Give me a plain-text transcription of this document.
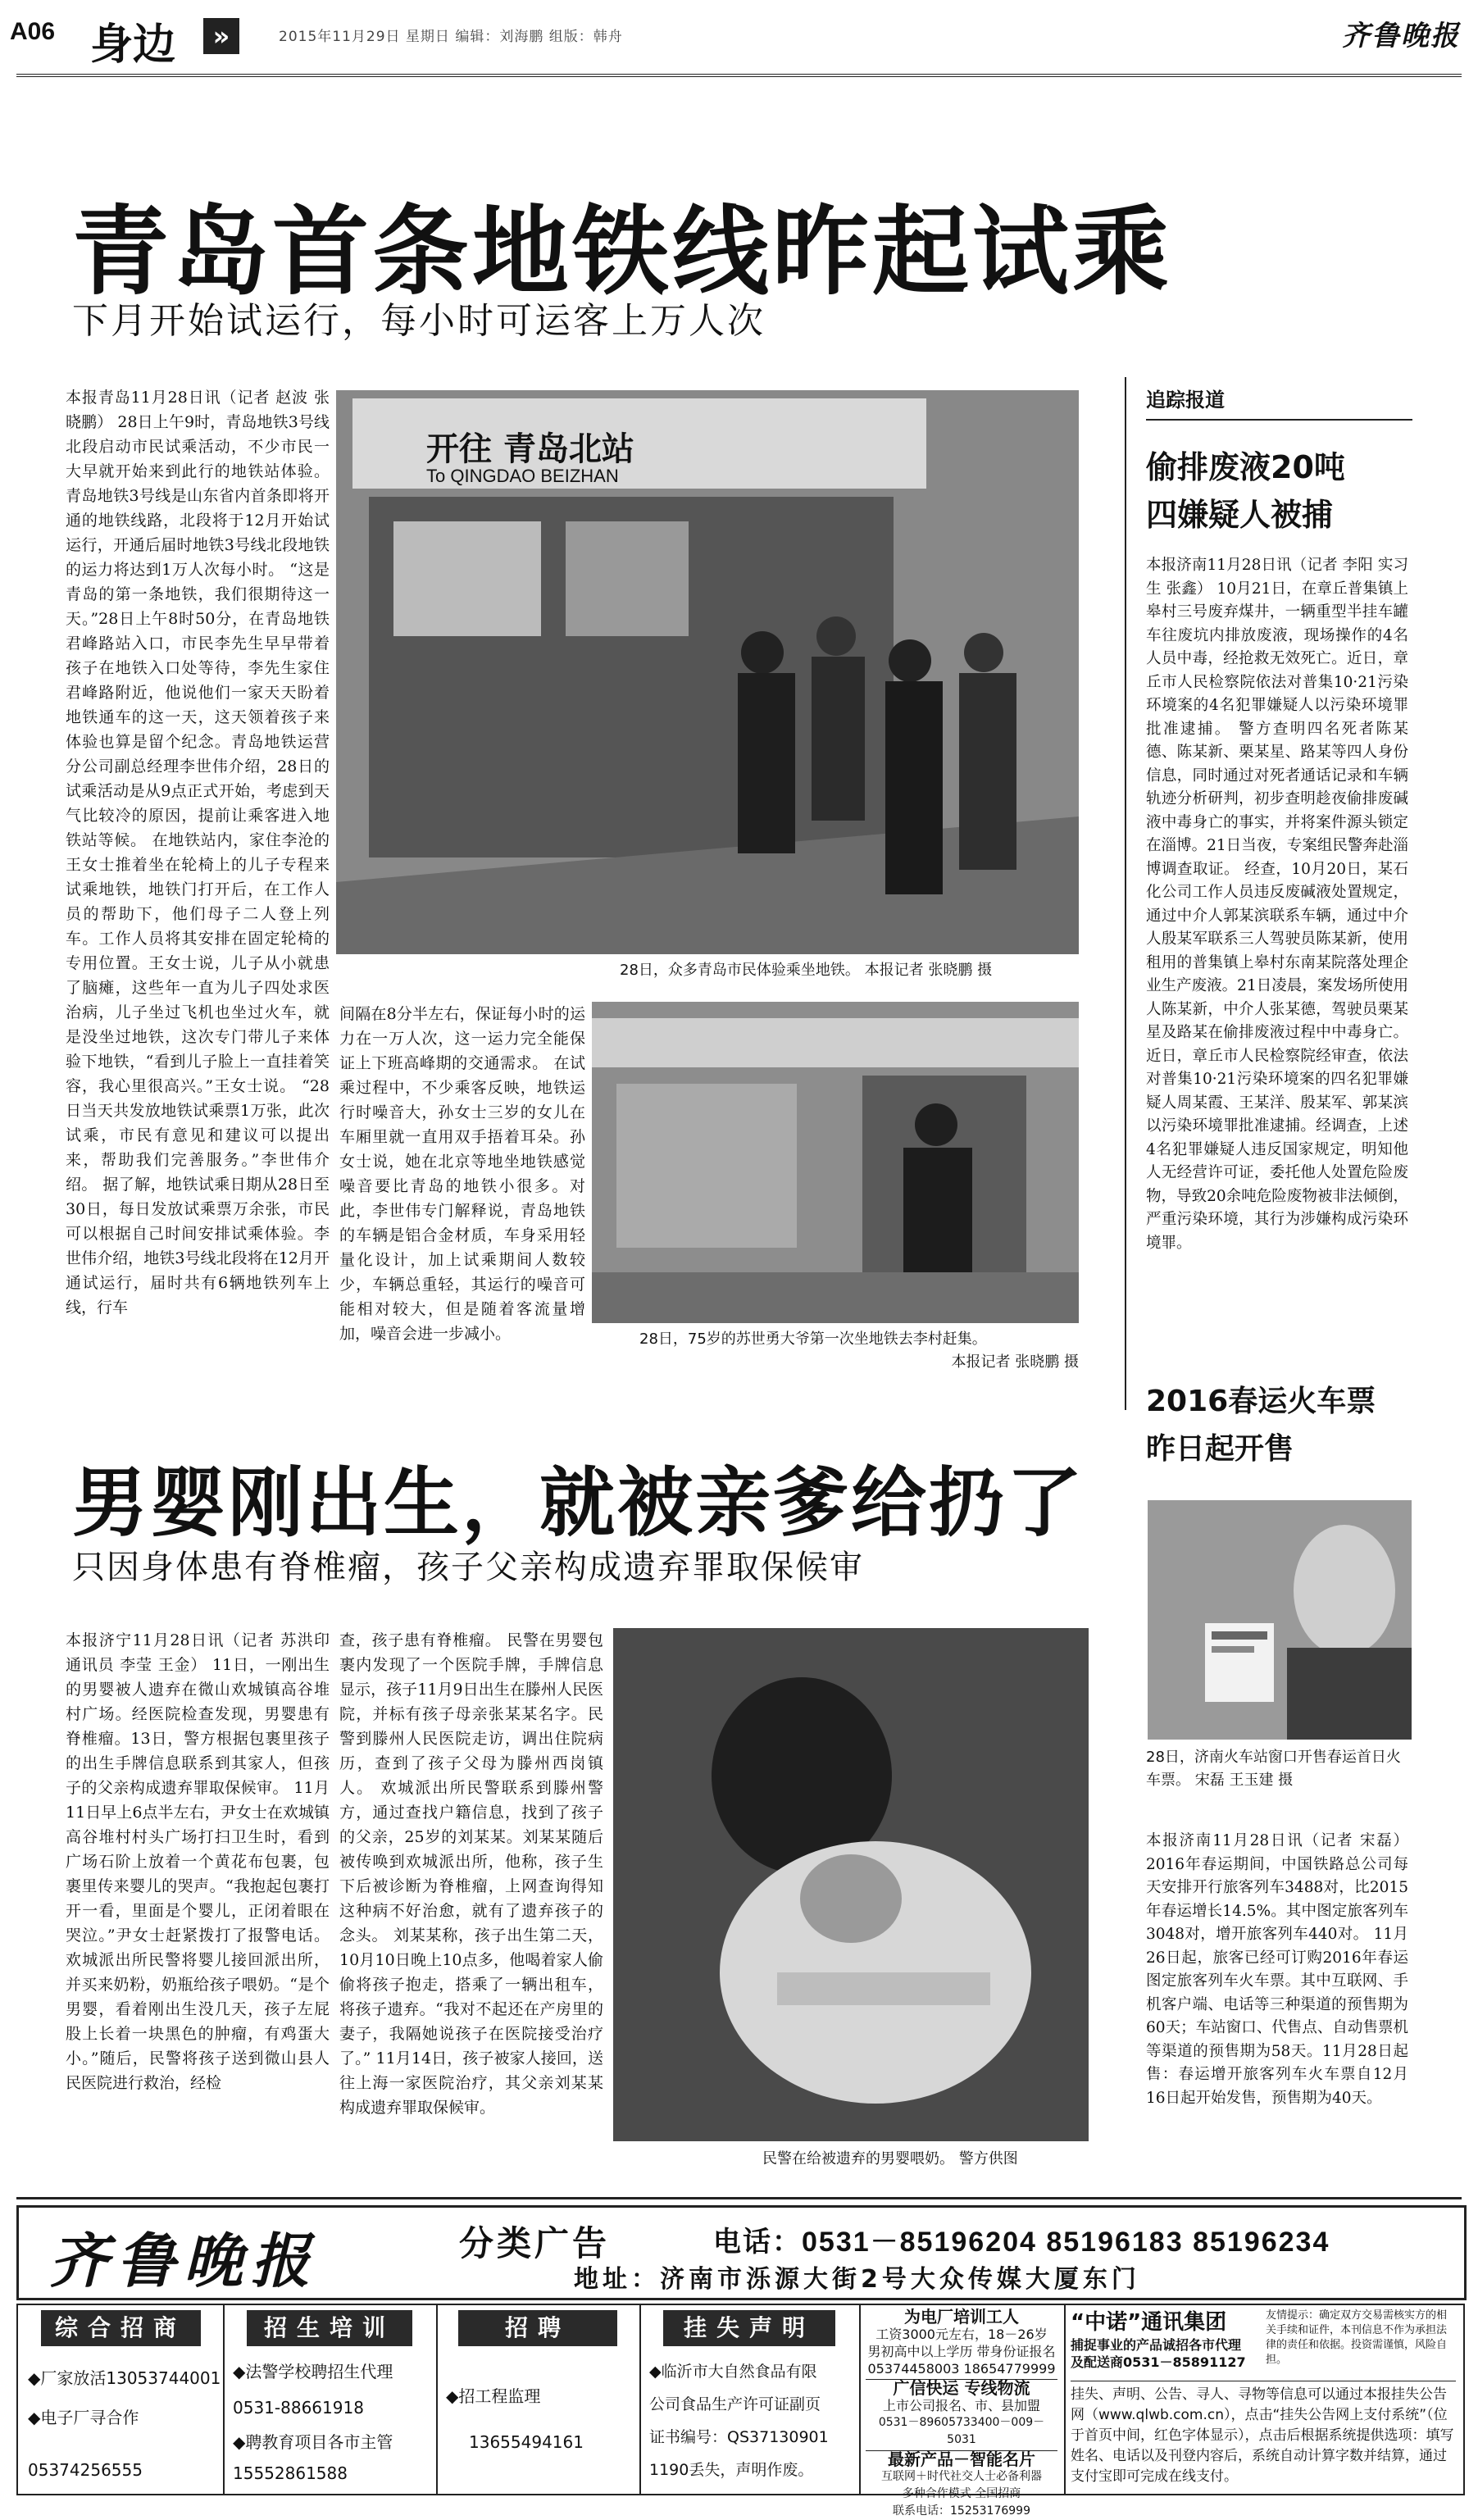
A06 身边	»	2015年11月29日 星期日 编辑：刘海鹏 组版：韩舟	齐鲁晚报
青岛首条地铁线昨起试乘
下月开始试运行，每小时可运客上万人次
本报青岛11月28日讯（记者 赵波 张晓鹏） 28日上午9时，青岛地铁3号线北段启动市民试乘活动，不少市民一大早就开始来到此行的地铁站体验。青岛地铁3号线是山东省内首条即将开通的地铁线路，北段将于12月开始试运行，开通后届时地铁3号线北段地铁的运力将达到1万人次每小时。 “这是青岛的第一条地铁，我们很期待这一天。”28日上午8时50分，在青岛地铁君峰路站入口，市民李先生早早带着孩子在地铁入口处等待，李先生家住君峰路附近，他说他们一家天天盼着地铁通车的这一天，这天领着孩子来体验也算是留个纪念。青岛地铁运营分公司副总经理李世伟介绍，28日的试乘活动是从9点正式开始，考虑到天气比较冷的原因，提前让乘客进入地铁站等候。 在地铁站内，家住李沧的王女士推着坐在轮椅上的儿子专程来试乘地铁，地铁门打开后，在工作人员的帮助下，他们母子二人登上列车。工作人员将其安排在固定轮椅的专用位置。王女士说，儿子从小就患了脑瘫，这些年一直为儿子四处求医治病，儿子坐过飞机也坐过火车，就是没坐过地铁，这次专门带儿子来体验下地铁，“看到儿子脸上一直挂着笑容，我心里很高兴。”王女士说。 “28日当天共发放地铁试乘票1万张，此次试乘，市民有意见和建议可以提出来，帮助我们完善服务。”李世伟介绍。 据了解，地铁试乘日期从28日至30日，每日发放试乘票万余张，市民可以根据自己时间安排试乘体验。李世伟介绍，地铁3号线北段将在12月开通试运行，届时共有6辆地铁列车上线，行车
开往 青岛北站
To QINGDAO BEIZHAN
28日，众多青岛市民体验乘坐地铁。 本报记者 张晓鹏 摄
间隔在8分半左右，保证每小时的运力在一万人次，这一运力完全能保证上下班高峰期的交通需求。 在试乘过程中，不少乘客反映，地铁运行时噪音大，孙女士三岁的女儿在车厢里就一直用双手捂着耳朵。孙女士说，她在北京等地坐地铁感觉噪音要比青岛的地铁小很多。对此，李世伟专门解释说，青岛地铁的车辆是铝合金材质，车身采用轻量化设计，加上试乘期间人数较少，车辆总重轻，其运行的噪音可能相对较大，但是随着客流量增加，噪音会进一步减小。	28日，75岁的苏世勇大爷第一次坐地铁去李村赶集。
本报记者 张晓鹏 摄
追踪报道
偷排废液20吨
四嫌疑人被捕
本报济南11月28日讯（记者 李阳 实习生 张鑫） 10月21日，在章丘普集镇上皋村三号废弃煤井，一辆重型半挂车罐车往废坑内排放废液，现场操作的4名人员中毒，经抢救无效死亡。近日，章丘市人民检察院依法对普集10·21污染环境案的4名犯罪嫌疑人以污染环境罪批准逮捕。 警方查明四名死者陈某德、陈某新、栗某星、路某等四人身份信息，同时通过对死者通话记录和车辆轨迹分析研判，初步查明趁夜偷排废碱液中毒身亡的事实，并将案件源头锁定在淄博。21日当夜，专案组民警奔赴淄博调查取证。 经查，10月20日，某石化公司工作人员违反废碱液处置规定，通过中介人郭某滨联系车辆，通过中介人殷某军联系三人驾驶员陈某新，使用租用的普集镇上皋村东南某院落处理企业生产废液。21日凌晨，案发场所使用人陈某新，中介人张某德，驾驶员栗某星及路某在偷排废液过程中中毒身亡。 近日，章丘市人民检察院经审查，依法对普集10·21污染环境案的四名犯罪嫌疑人周某霞、王某洋、殷某军、郭某滨以污染环境罪批准逮捕。经调查，上述4名犯罪嫌疑人违反国家规定，明知他人无经营许可证，委托他人处置危险废物，导致20余吨危险废物被非法倾倒，严重污染环境，其行为涉嫌构成污染环境罪。
2016春运火车票
昨日起开售
28日，济南火车站窗口开售春运首日火车票。 宋磊 王玉建 摄
本报济南11月28日讯（记者 宋磊） 2016年春运期间，中国铁路总公司每天安排开行旅客列车3488对，比2015年春运增长14.5%。其中图定旅客列车3048对，增开旅客列车440对。 11月26日起，旅客已经可订购2016年春运图定旅客列车火车票。其中互联网、手机客户端、电话等三种渠道的预售期为60天；车站窗口、代售点、自动售票机等渠道的预售期为58天。11月28日起售：春运增开旅客列车火车票自12月16日起开始发售，预售期为40天。
男婴刚出生，就被亲爹给扔了
只因身体患有脊椎瘤，孩子父亲构成遗弃罪取保候审
本报济宁11月28日讯（记者 苏洪印 通讯员 李莹 王金） 11日，一刚出生的男婴被人遗弃在微山欢城镇高谷堆村广场。经医院检查发现，男婴患有脊椎瘤。13日，警方根据包裹里孩子的出生手牌信息联系到其家人，但孩子的父亲构成遗弃罪取保候审。 11月11日早上6点半左右，尹女士在欢城镇高谷堆村村头广场打扫卫生时，看到广场石阶上放着一个黄花布包裹，包裹里传来婴儿的哭声。“我抱起包裹打开一看，里面是个婴儿，正闭着眼在哭泣。”尹女士赶紧拨打了报警电话。 欢城派出所民警将婴儿接回派出所，并买来奶粉，奶瓶给孩子喂奶。“是个男婴，看着刚出生没几天，孩子左屁股上长着一块黑色的肿瘤，有鸡蛋大小。”随后，民警将孩子送到微山县人民医院进行救治，经检
查，孩子患有脊椎瘤。 民警在男婴包裹内发现了一个医院手牌，手牌信息显示，孩子11月9日出生在滕州人民医院，并标有孩子母亲张某某名字。民警到滕州人民医院走访，调出住院病历，查到了孩子父母为滕州西岗镇人。 欢城派出所民警联系到滕州警方，通过查找户籍信息，找到了孩子的父亲，25岁的刘某某。刘某某随后被传唤到欢城派出所，他称，孩子生下后被诊断为脊椎瘤，上网查询得知这种病不好治愈，就有了遗弃孩子的念头。 刘某某称，孩子出生第二天，10月10日晚上10点多，他喝着家人偷偷将孩子抱走，搭乘了一辆出租车，将孩子遗弃。“我对不起还在产房里的妻子，我隔她说孩子在医院接受治疗了。” 11月14日，孩子被家人接回，送往上海一家医院治疗，其父亲刘某某构成遗弃罪取保候审。
民警在给被遗弃的男婴喂奶。 警方供图
齐鲁晚报	分类广告	电话：0531－85196204 85196183 85196234
地址：济南市泺源大街2号大众传媒大厦东门
综合招商
◆厂家放活13053744001
◆电子厂寻合作
05374256555
招生培训
◆法警学校聘招生代理
0531-88661918
◆聘教育项目各市主管
15552861588
招聘
◆招工程监理
13655494161
挂失声明
◆临沂市大自然食品有限
公司食品生产许可证副页
证书编号：QS37130901
1190丢失，声明作废。
为电厂培训工人
工资3000元左右，18－26岁
男初高中以上学历 带身份证报名
05374458003 18654779999
广信快运 专线物流
上市公司报名、市、县加盟
0531－89605733400－009－5031
最新产品－智能名片
互联网＋时代社交人士必备利器
多种合作模式 全国招商
联系电话：15253176999
“中诺”通讯集团
捕捉事业的产品诚招各市代理
及配送商0531－85891127
友情提示：确定双方交易需核实方的相关手续和证件，本刊信息不作为承担法律的责任和依据。投资需谨慎，风险自担。
挂失、声明、公告、寻人、寻物等信息可以通过本报挂失公告网（www.qlwb.com.cn），点击“挂失公告网上支付系统”（位于首页中间，红色字体显示），点击后根据系统提供选项：填写姓名、电话以及刊登内容后，系统自动计算字数并结算，通过支付宝即可完成在线支付。
